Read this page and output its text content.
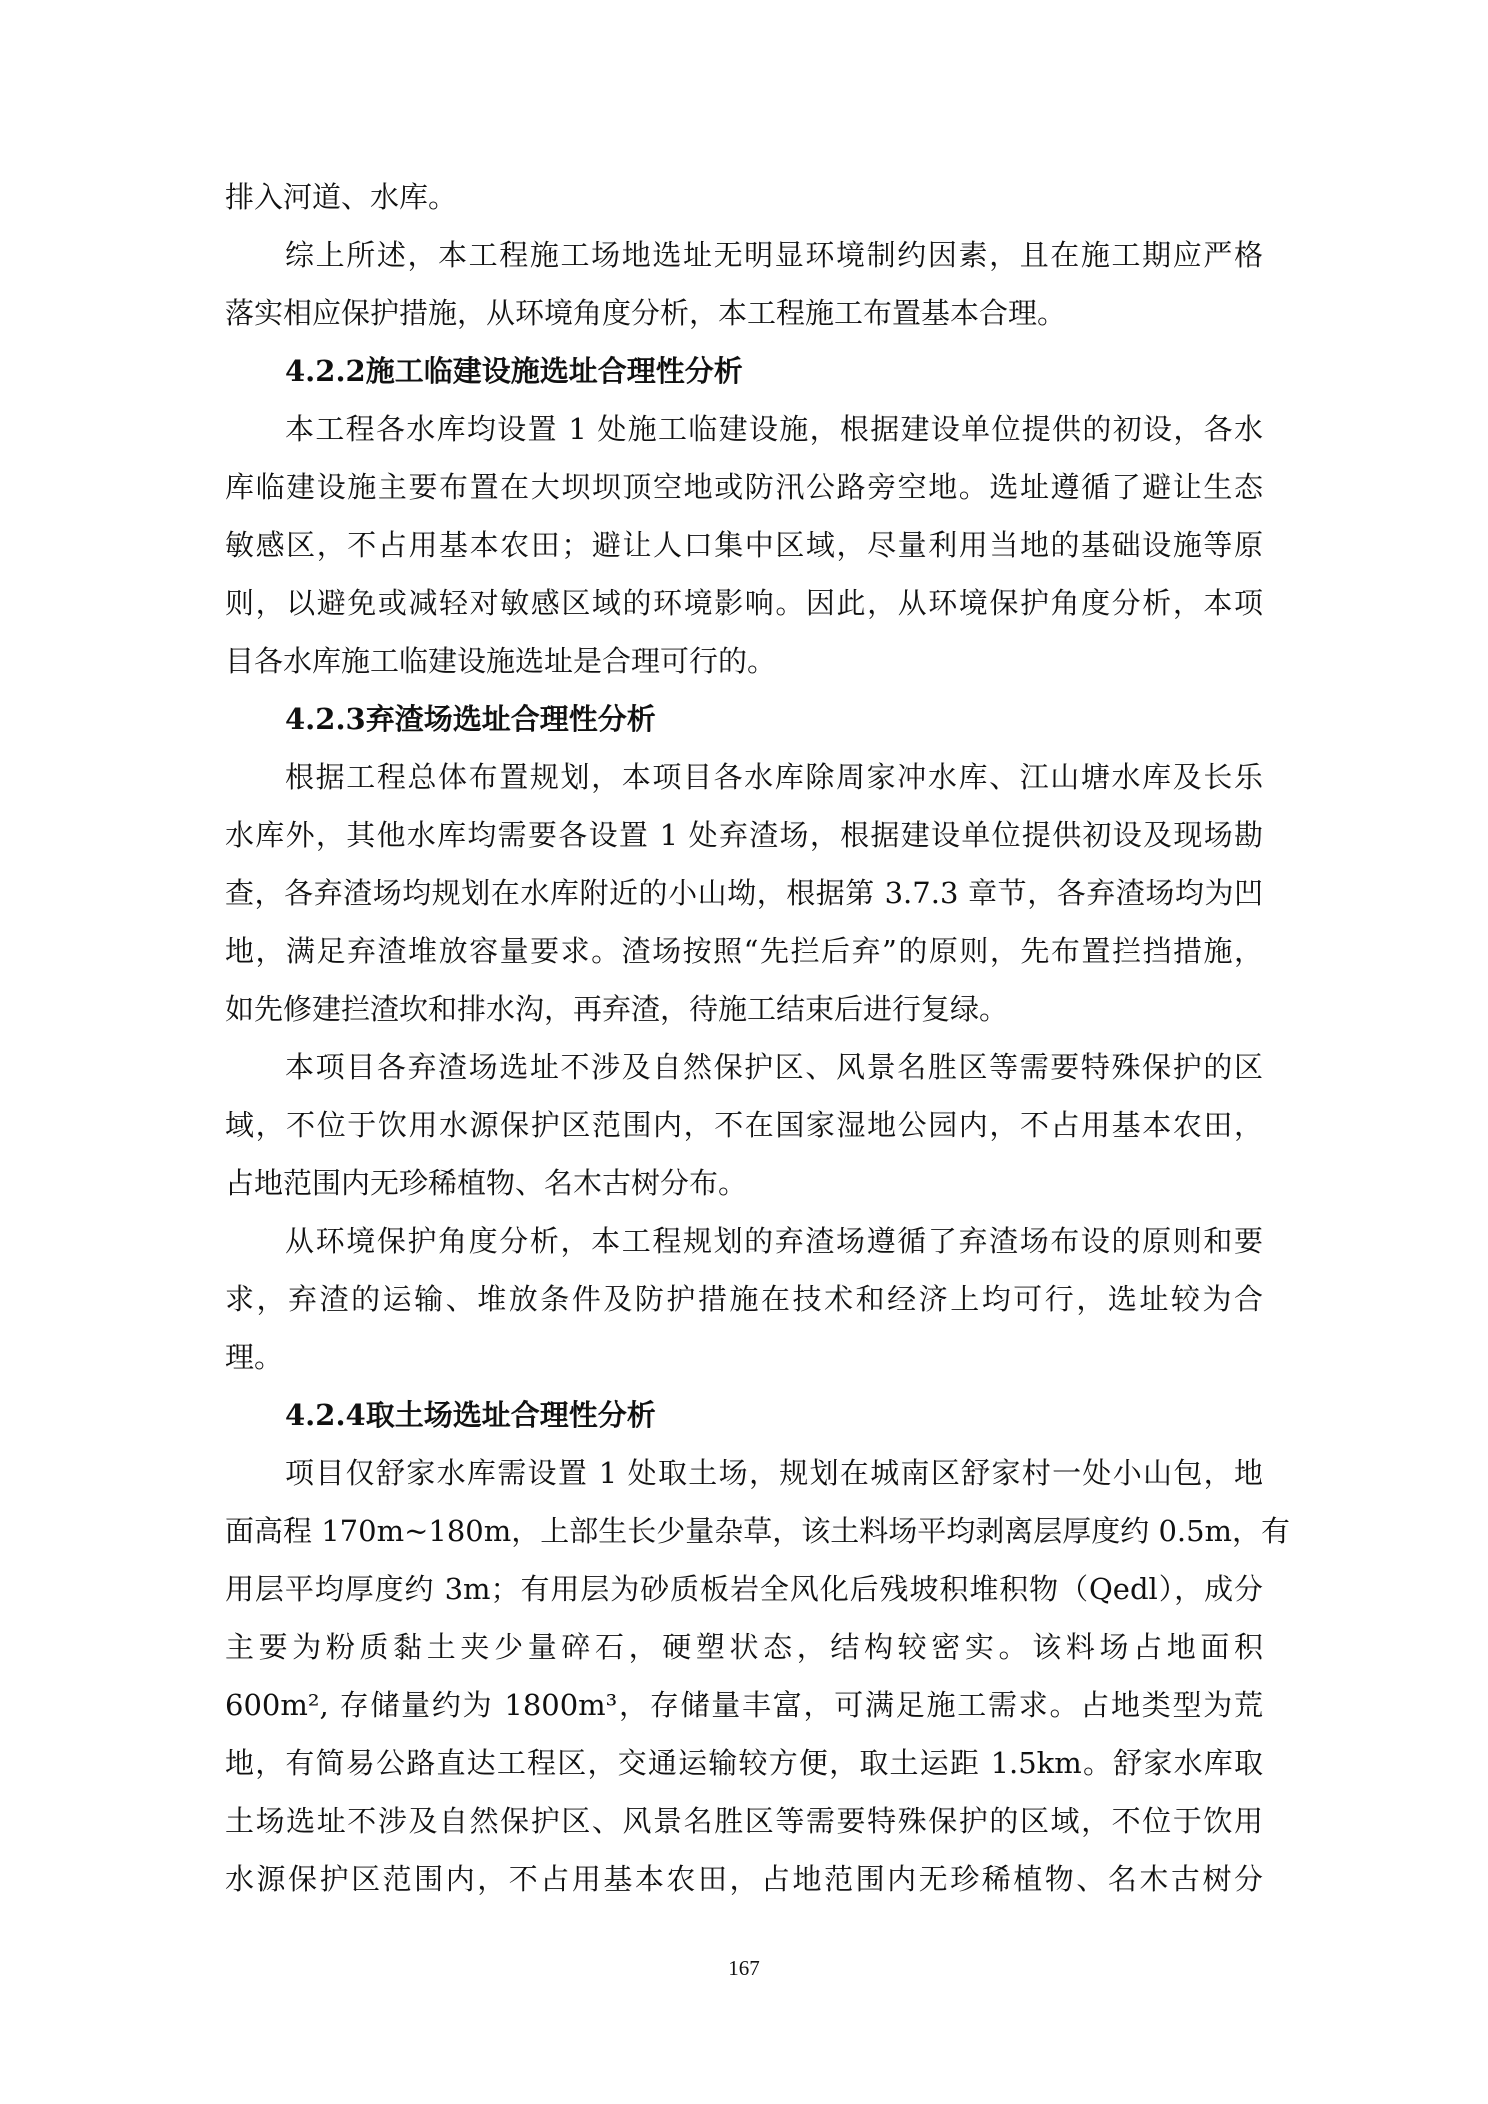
排入河道、水库。
综上所述，本工程施工场地选址无明显环境制约因素，且在施工期应严格
落实相应保护措施，从环境角度分析，本工程施工布置基本合理。
4.2.2施工临建设施选址合理性分析
本工程各水库均设置 1 处施工临建设施，根据建设单位提供的初设，各水
库临建设施主要布置在大坝坝顶空地或防汛公路旁空地。选址遵循了避让生态
敏感区，不占用基本农田；避让人口集中区域，尽量利用当地的基础设施等原
则，以避免或减轻对敏感区域的环境影响。因此，从环境保护角度分析，本项
目各水库施工临建设施选址是合理可行的。
4.2.3弃渣场选址合理性分析
根据工程总体布置规划，本项目各水库除周家冲水库、江山塘水库及长乐
水库外，其他水库均需要各设置 1 处弃渣场，根据建设单位提供初设及现场勘
查，各弃渣场均规划在水库附近的小山坳，根据第 3.7.3 章节，各弃渣场均为凹
地，满足弃渣堆放容量要求。渣场按照“先拦后弃”的原则，先布置拦挡措施，
如先修建拦渣坎和排水沟，再弃渣，待施工结束后进行复绿。
本项目各弃渣场选址不涉及自然保护区、风景名胜区等需要特殊保护的区
域，不位于饮用水源保护区范围内，不在国家湿地公园内，不占用基本农田，
占地范围内无珍稀植物、名木古树分布。
从环境保护角度分析，本工程规划的弃渣场遵循了弃渣场布设的原则和要
求，弃渣的运输、堆放条件及防护措施在技术和经济上均可行，选址较为合
理。
4.2.4取土场选址合理性分析
项目仅舒家水库需设置 1 处取土场，规划在城南区舒家村一处小山包，地
面高程 170m~180m，上部生长少量杂草，该土料场平均剥离层厚度约 0.5m，有
用层平均厚度约 3m；有用层为砂质板岩全风化后残坡积堆积物（Qedl），成分
主要为粉质黏土夹少量碎石，硬塑状态，结构较密实。该料场占地面积
600m², 存储量约为 1800m³，存储量丰富，可满足施工需求。占地类型为荒
地，有简易公路直达工程区，交通运输较方便，取土运距 1.5km。舒家水库取
土场选址不涉及自然保护区、风景名胜区等需要特殊保护的区域，不位于饮用
水源保护区范围内，不占用基本农田，占地范围内无珍稀植物、名木古树分
167
